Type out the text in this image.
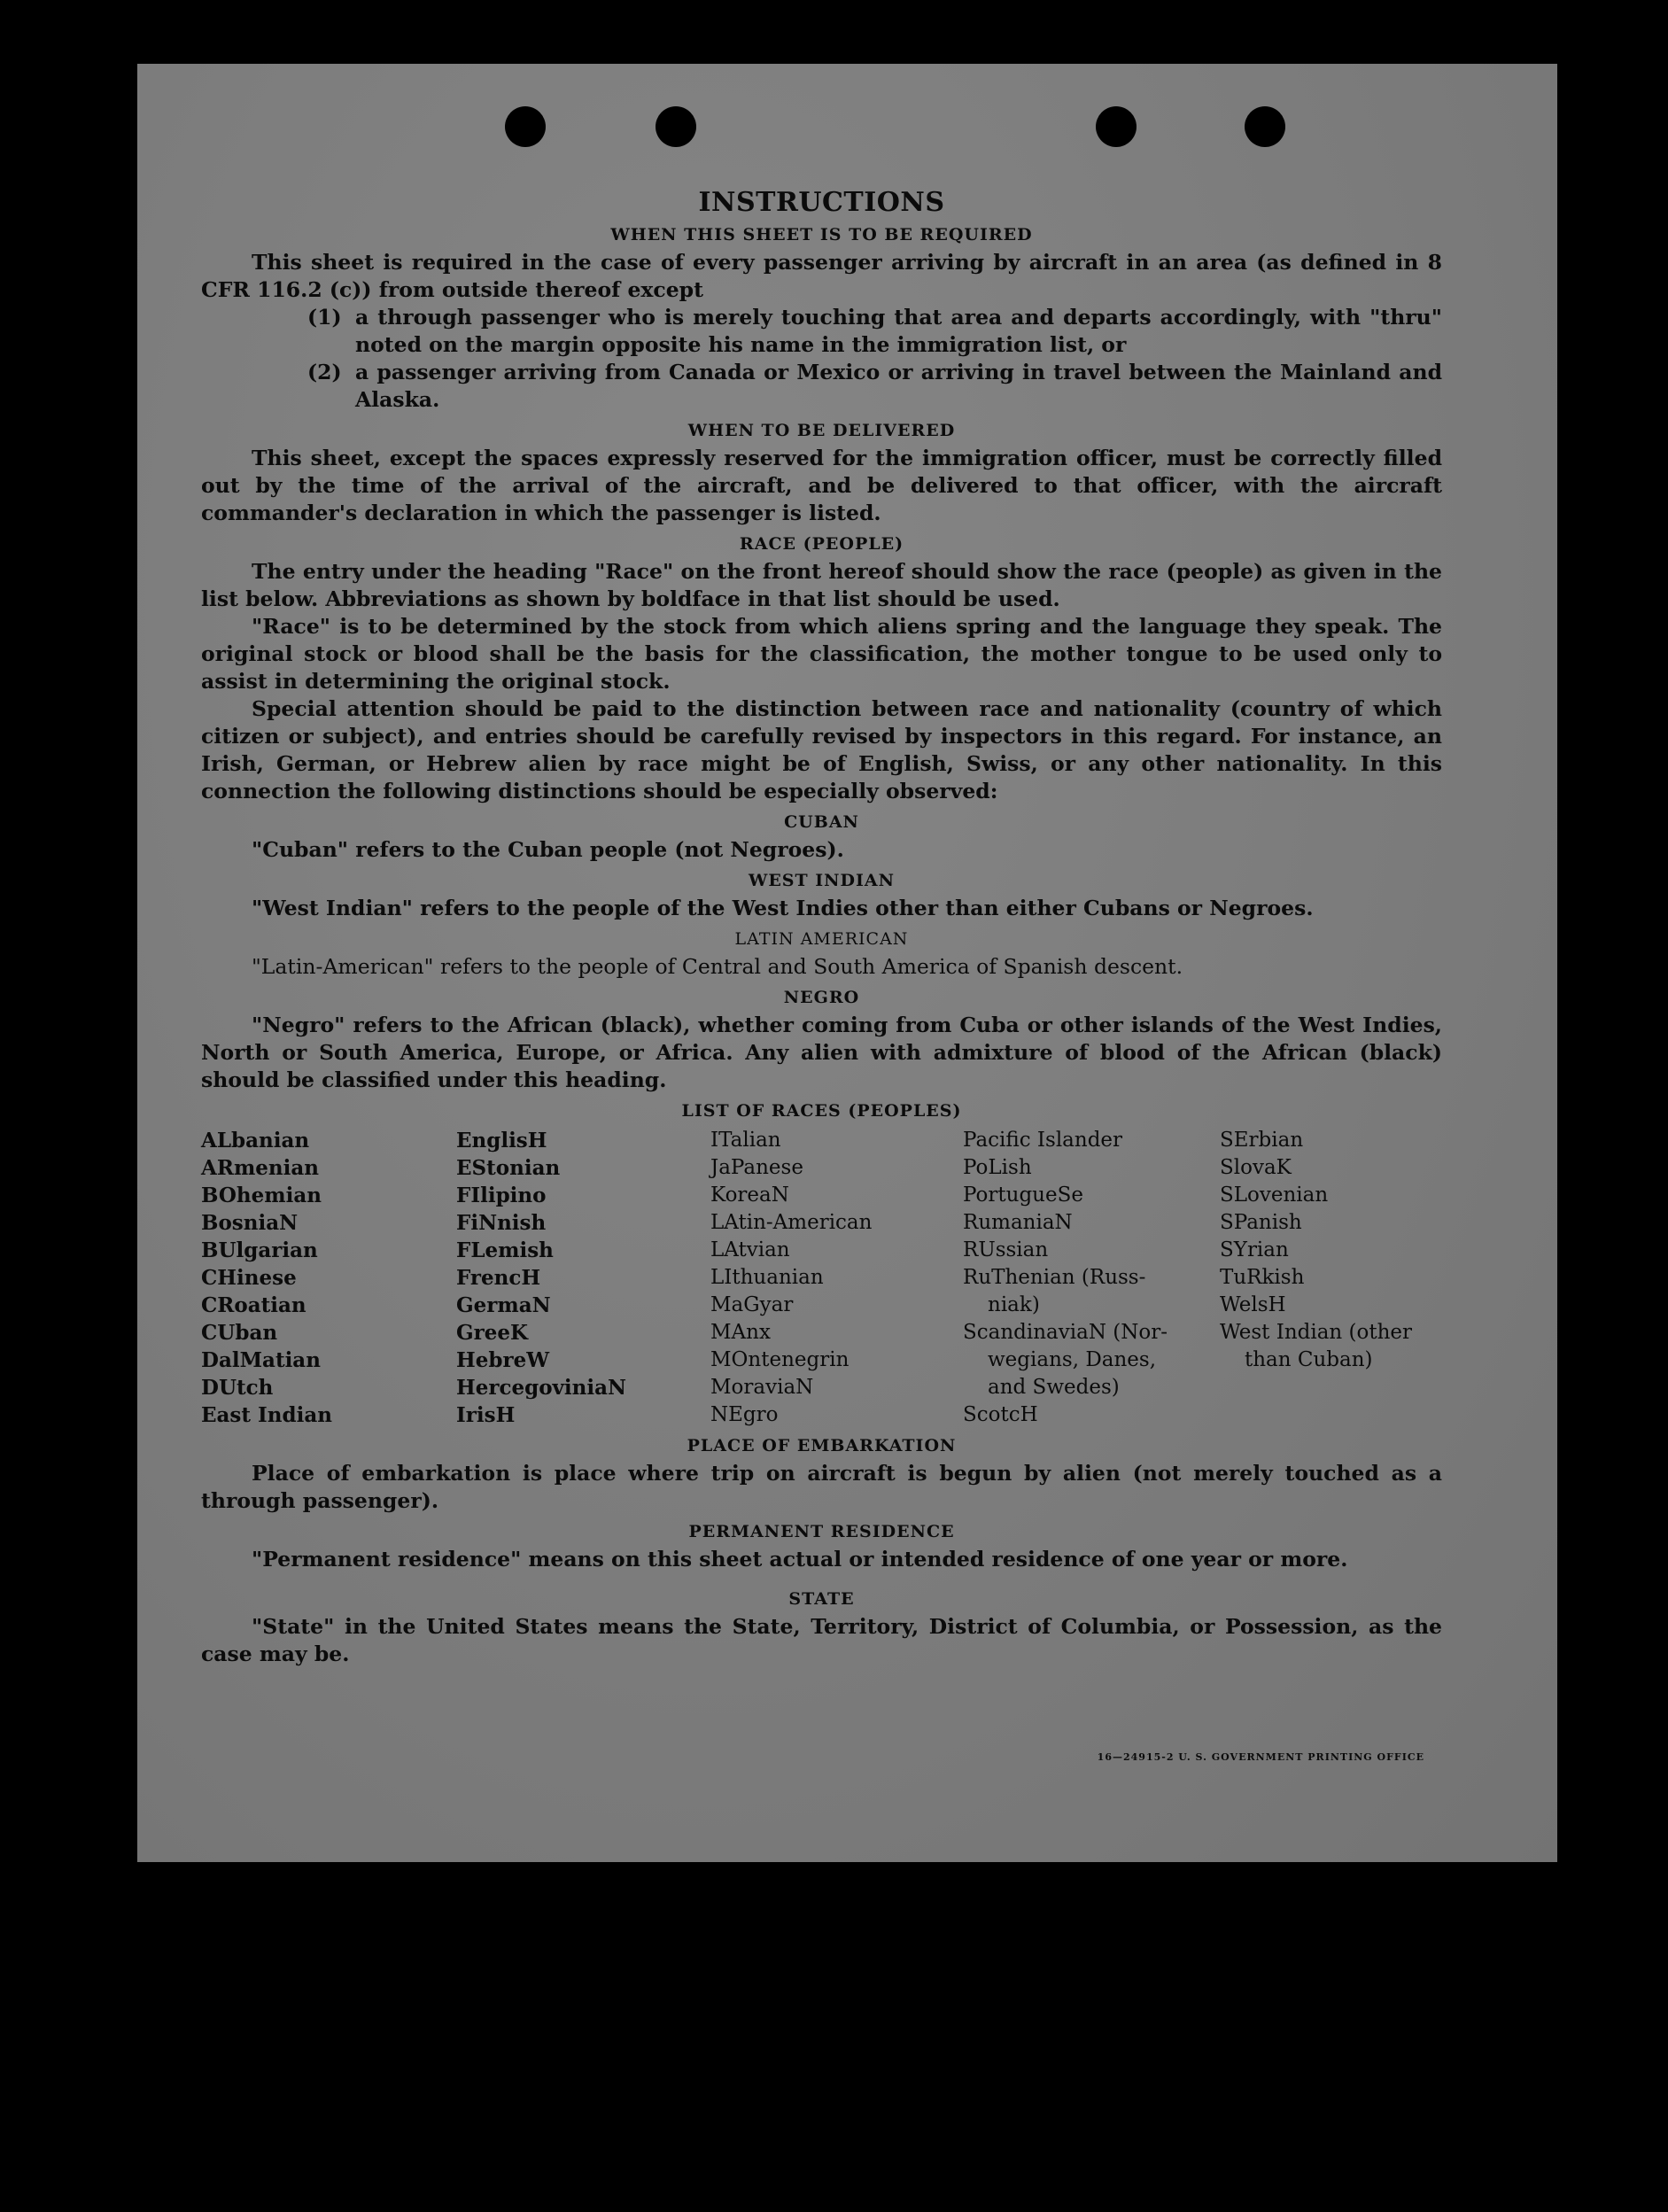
INSTRUCTIONS
WHEN THIS SHEET IS TO BE REQUIRED
This sheet is required in the case of every passenger arriving by aircraft in an area (as defined in 8 CFR 116.2 (c)) from outside thereof except
(1) a through passenger who is merely touching that area and departs accordingly, with "thru" noted on the margin opposite his name in the immigration list, or
(2) a passenger arriving from Canada or Mexico or arriving in travel between the Mainland and Alaska.
WHEN TO BE DELIVERED
This sheet, except the spaces expressly reserved for the immigration officer, must be correctly filled out by the time of the arrival of the aircraft, and be delivered to that officer, with the aircraft commander's declaration in which the passenger is listed.
RACE (PEOPLE)
The entry under the heading "Race" on the front hereof should show the race (people) as given in the list below. Abbreviations as shown by boldface in that list should be used.
"Race" is to be determined by the stock from which aliens spring and the language they speak. The original stock or blood shall be the basis for the classification, the mother tongue to be used only to assist in determining the original stock.
Special attention should be paid to the distinction between race and nationality (country of which citizen or subject), and entries should be carefully revised by inspectors in this regard. For instance, an Irish, German, or Hebrew alien by race might be of English, Swiss, or any other nationality. In this connection the following distinctions should be especially observed:
CUBAN
"Cuban" refers to the Cuban people (not Negroes).
WEST INDIAN
"West Indian" refers to the people of the West Indies other than either Cubans or Negroes.
LATIN AMERICAN
"Latin-American" refers to the people of Central and South America of Spanish descent.
NEGRO
"Negro" refers to the African (black), whether coming from Cuba or other islands of the West Indies, North or South America, Europe, or Africa. Any alien with admixture of blood of the African (black) should be classified under this heading.
LIST OF RACES (PEOPLES)
ALbanian
ARmenian
BOhemian
BosniaN
BUlgarian
CHinese
CRoatian
CUban
DalMatian
DUtch
East Indian
EnglisH
EStonian
FIlipino
FiNnish
FLemish
FrencH
GermaN
GreeK
HebreW
HercegoviniaN
IrisH
ITalian
JaPanese
KoreaN
LAtin-American
LAtvian
LIthuanian
MaGyar
MAnx
MOntenegrin
MoraviaN
NEgro
Pacific Islander
PoLish
PortugueSe
RumaniaN
RUssian
RuThenian (Russ-
niak)
ScandinaviaN (Nor-
wegians, Danes,
and Swedes)
ScotcH
SErbian
SlovaK
SLovenian
SPanish
SYrian
TuRkish
WelsH
West Indian (other
than Cuban)
PLACE OF EMBARKATION
Place of embarkation is place where trip on aircraft is begun by alien (not merely touched as a through passenger).
PERMANENT RESIDENCE
"Permanent residence" means on this sheet actual or intended residence of one year or more.
STATE
"State" in the United States means the State, Territory, District of Columbia, or Possession, as the case may be.
16—24915-2 U. S. GOVERNMENT PRINTING OFFICE
